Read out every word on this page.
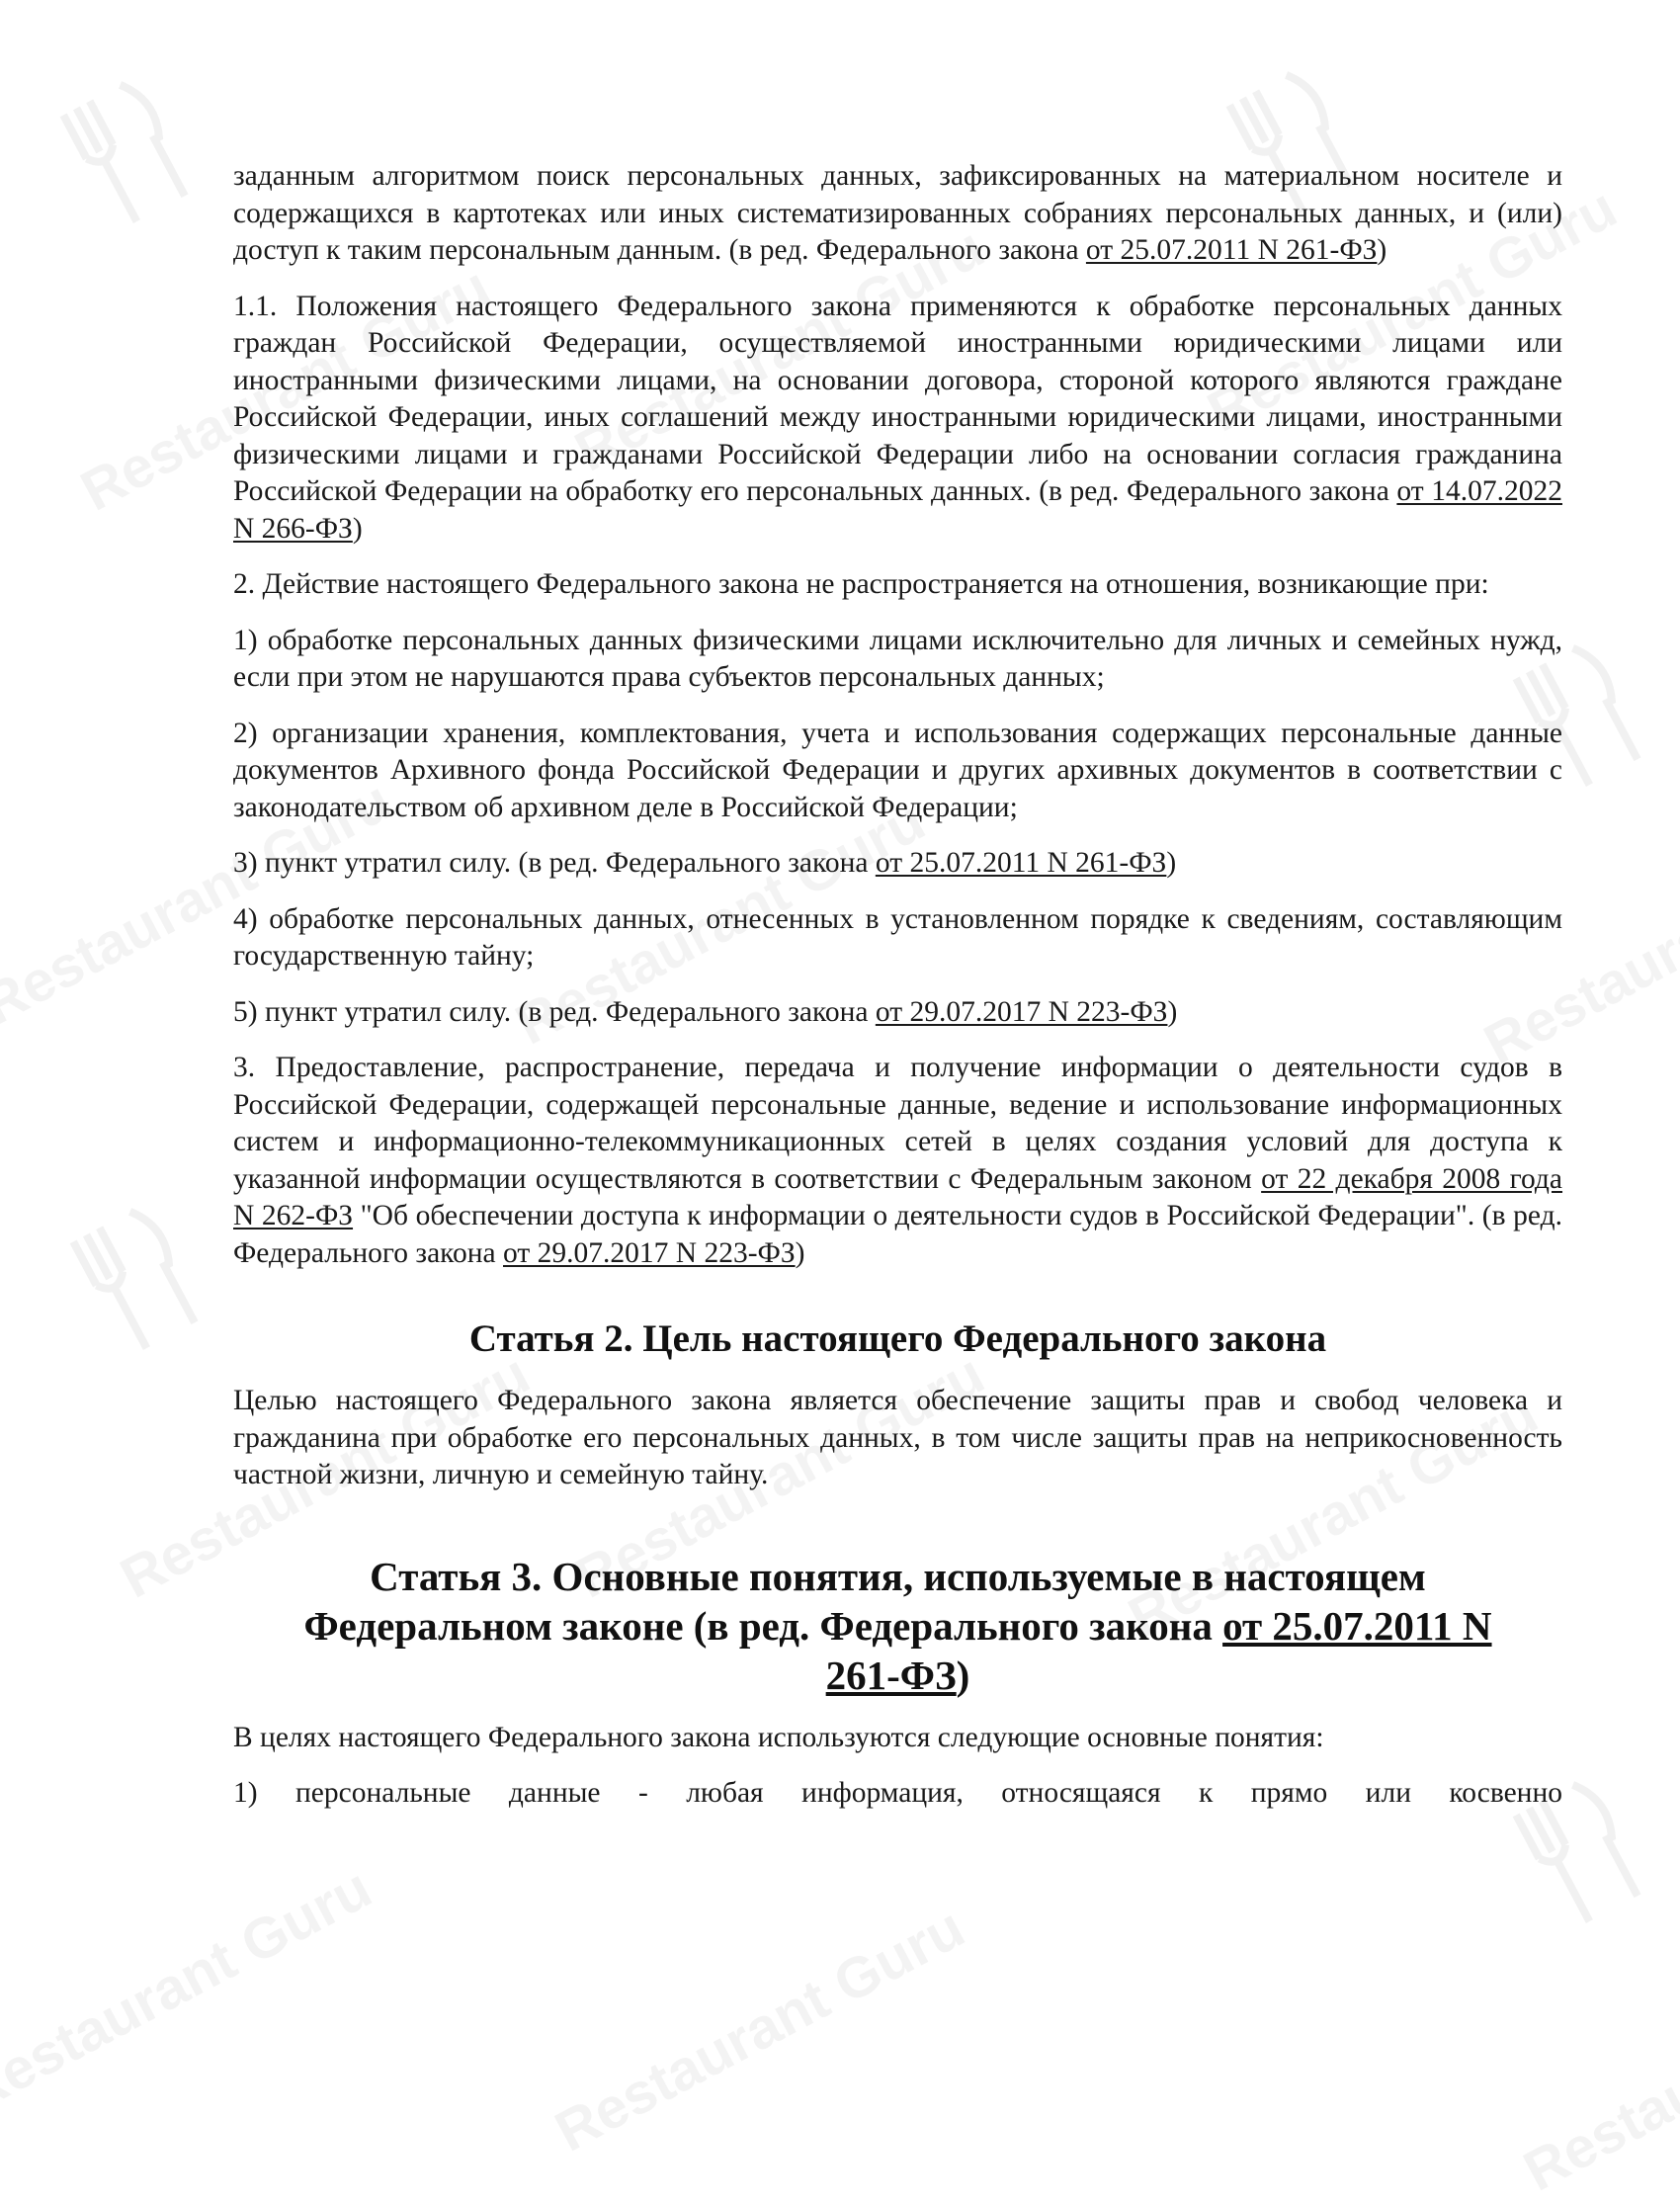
заданным алгоритмом поиск персональных данных, зафиксированных на материальном носителе и содержащихся в картотеках или иных систематизированных собраниях персональных данных, и (или) доступ к таким персональным данным. (в ред. Федерального закона от 25.07.2011 N 261-ФЗ)

1.1. Положения настоящего Федерального закона применяются к обработке персональных данных граждан Российской Федерации, осуществляемой иностранными юридическими лицами или иностранными физическими лицами, на основании договора, стороной которого являются граждане Российской Федерации, иных соглашений между иностранными юридическими лицами, иностранными физическими лицами и гражданами Российской Федерации либо на основании согласия гражданина Российской Федерации на обработку его персональных данных. (в ред. Федерального закона от 14.07.2022 N 266-ФЗ)

2. Действие настоящего Федерального закона не распространяется на отношения, возникающие при:

1) обработке персональных данных физическими лицами исключительно для личных и семейных нужд, если при этом не нарушаются права субъектов персональных данных;

2) организации хранения, комплектования, учета и использования содержащих персональные данные документов Архивного фонда Российской Федерации и других архивных документов в соответствии с законодательством об архивном деле в Российской Федерации;

3) пункт утратил силу. (в ред. Федерального закона от 25.07.2011 N 261-ФЗ)

4) обработке персональных данных, отнесенных в установленном порядке к сведениям, составляющим государственную тайну;

5) пункт утратил силу. (в ред. Федерального закона от 29.07.2017 N 223-ФЗ)

3. Предоставление, распространение, передача и получение информации о деятельности судов в Российской Федерации, содержащей персональные данные, ведение и использование информационных систем и информационно-телекоммуникационных сетей в целях создания условий для доступа к указанной информации осуществляются в соответствии с Федеральным законом от 22 декабря 2008 года N 262-ФЗ "Об обеспечении доступа к информации о деятельности судов в Российской Федерации". (в ред. Федерального закона от 29.07.2017 N 223-ФЗ)

Статья 2. Цель настоящего Федерального закона

Целью настоящего Федерального закона является обеспечение защиты прав и свобод человека и гражданина при обработке его персональных данных, в том числе защиты прав на неприкосновенность частной жизни, личную и семейную тайну.

Статья 3. Основные понятия, используемые в настоящем
Федеральном законе (в ред. Федерального закона от 25.07.2011 N
261-ФЗ)

В целях настоящего Федерального закона используются следующие основные понятия:

1) персональные данные - любая информация, относящаяся к прямо или косвенно
